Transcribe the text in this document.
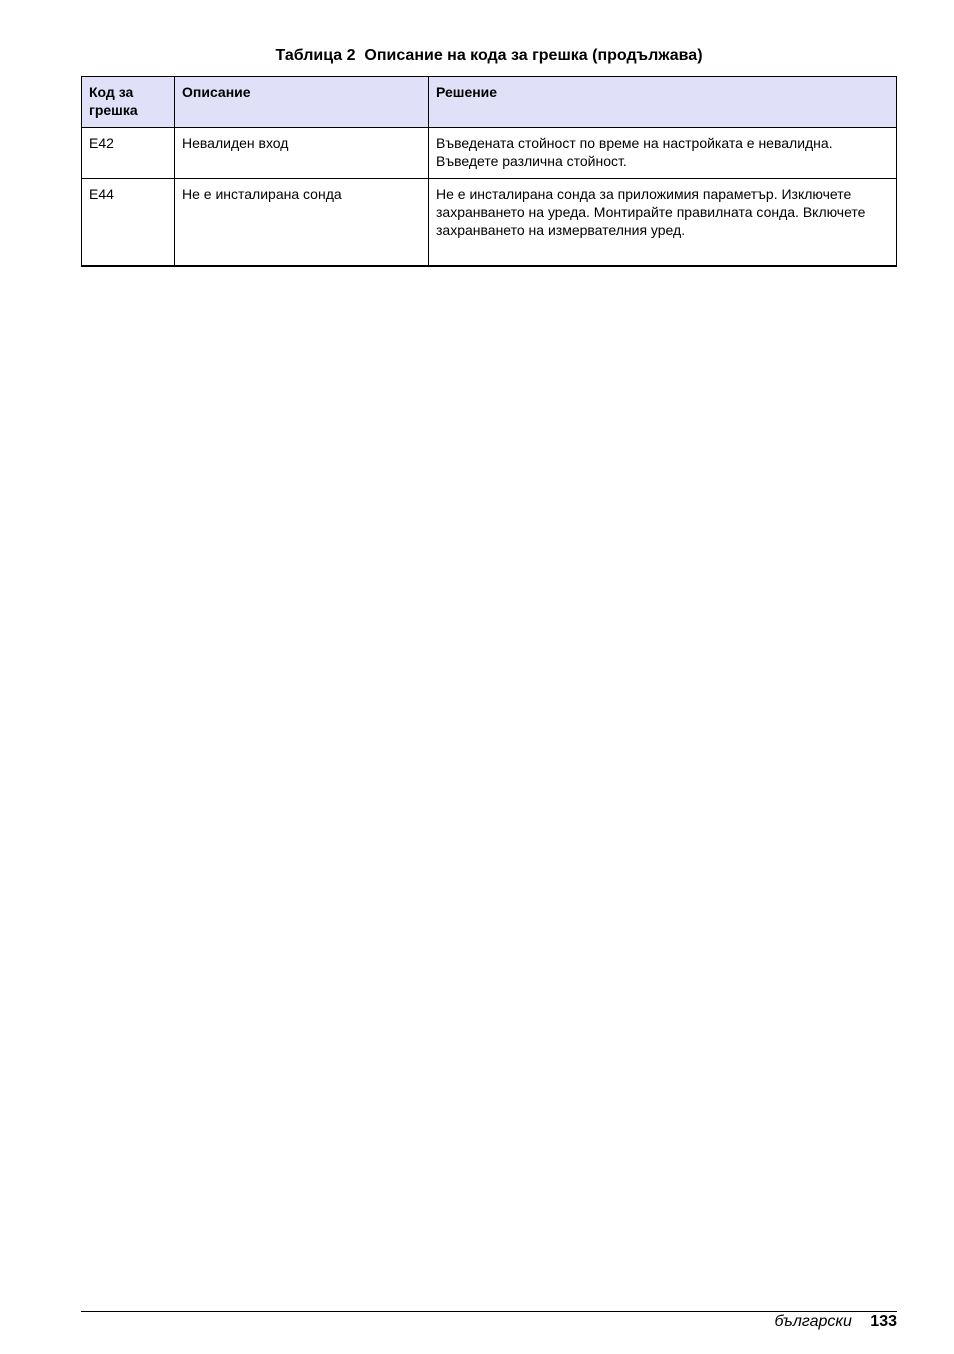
Таблица 2  Описание на кода за грешка (продължава)
Код за грешка	Описание	Решение
E42	Невалиден вход	Въведената стойност по време на настройката е невалидна. Въведете различна стойност.
E44	Не е инсталирана сонда	Не е инсталирана сонда за приложимия параметър. Изключете захранването на уреда. Монтирайте правилната сонда. Включете захранването на измервателния уред.
български 133
